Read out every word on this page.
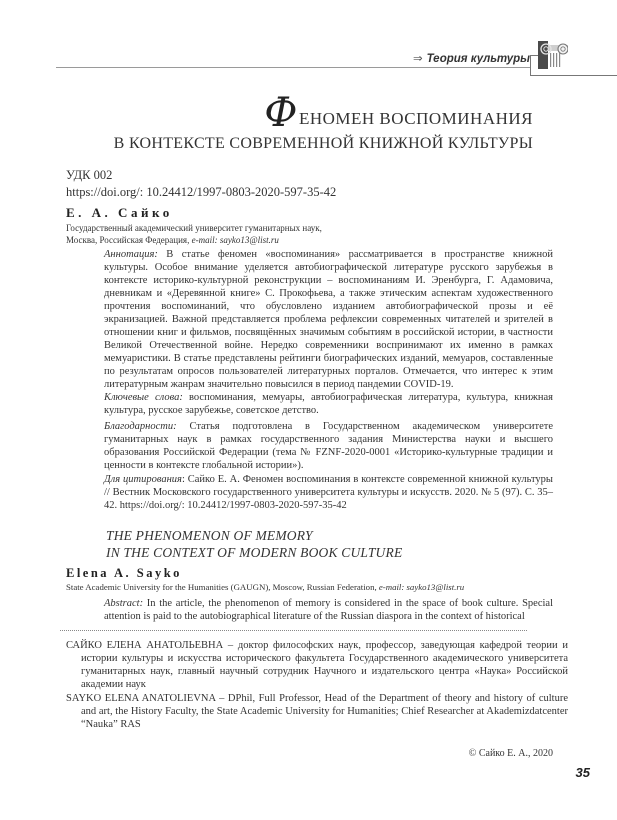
⇒ Теория культуры
ФЕНОМЕН ВОСПОМИНАНИЯ
В КОНТЕКСТЕ СОВРЕМЕННОЙ КНИЖНОЙ КУЛЬТУРЫ
УДК 002
https://doi.org/: 10.24412/1997-0803-2020-597-35-42
Е. А. Сайко
Государственный академический университет гуманитарных наук,
Москва, Российская Федерация, e-mail: sayko13@list.ru
Аннотация: В статье феномен «воспоминания» рассматривается в пространстве книжной культуры. Особое внимание уделяется автобиографической литературе русского зарубежья в контексте историко-культурной реконструкции – воспоминаниям И. Эренбурга, Г. Адамовича, дневникам и «Деревянной книге» С. Прокофьева, а также этическим аспектам художественного прочтения воспоминаний, что обусловлено изданием автобиографической прозы и её экранизацией. Важной представляется проблема рефлексии современных читателей и зрителей в отношении книг и фильмов, посвящённых значимым событиям в российской истории, в частности Великой Отечественной войне. Нередко современники воспринимают их именно в рамках мемуаристики. В статье представлены рейтинги биографических изданий, мемуаров, составленные по результатам опросов пользователей литературных порталов. Отмечается, что интерес к этим литературным жанрам значительно повысился в период пандемии COVID-19.
Ключевые слова: воспоминания, мемуары, автобиографическая литература, культура, книжная культура, русское зарубежье, советское детство.
Благодарности: Статья подготовлена в Государственном академическом университете гуманитарных наук в рамках государственного задания Министерства науки и высшего образования Российской Федерации (тема № FZNF-2020-0001 «Историко-культурные традиции и ценности в контексте глобальной истории»).
Для цитирования: Сайко Е. А. Феномен воспоминания в контексте современной книжной культуры // Вестник Московского государственного университета культуры и искусств. 2020. № 5 (97). С. 35–42. https://doi.org/: 10.24412/1997-0803-2020-597-35-42
THE PHENOMENON OF MEMORY
IN THE CONTEXT OF MODERN BOOK CULTURE
Elena A. Sayko
State Academic University for the Humanities (GAUGN), Moscow, Russian Federation, e-mail: sayko13@list.ru
Abstract: In the article, the phenomenon of memory is considered in the space of book culture. Special attention is paid to the autobiographical literature of the Russian diaspora in the context of historical
САЙКО ЕЛЕНА АНАТОЛЬЕВНА – доктор философских наук, профессор, заведующая кафедрой теории и истории культуры и искусства исторического факультета Государственного академического университета гуманитарных наук, главный научный сотрудник Научного и издательского центра «Наука» Российской академии наук
SAYKO ELENA ANATOLIEVNA – DPhil, Full Professor, Head of the Department of theory and history of culture and art, the History Faculty, the State Academic University for Humanities; Chief Researcher at Akademizdatcenter “Nauka” RAS
© Сайко Е. А., 2020
35
